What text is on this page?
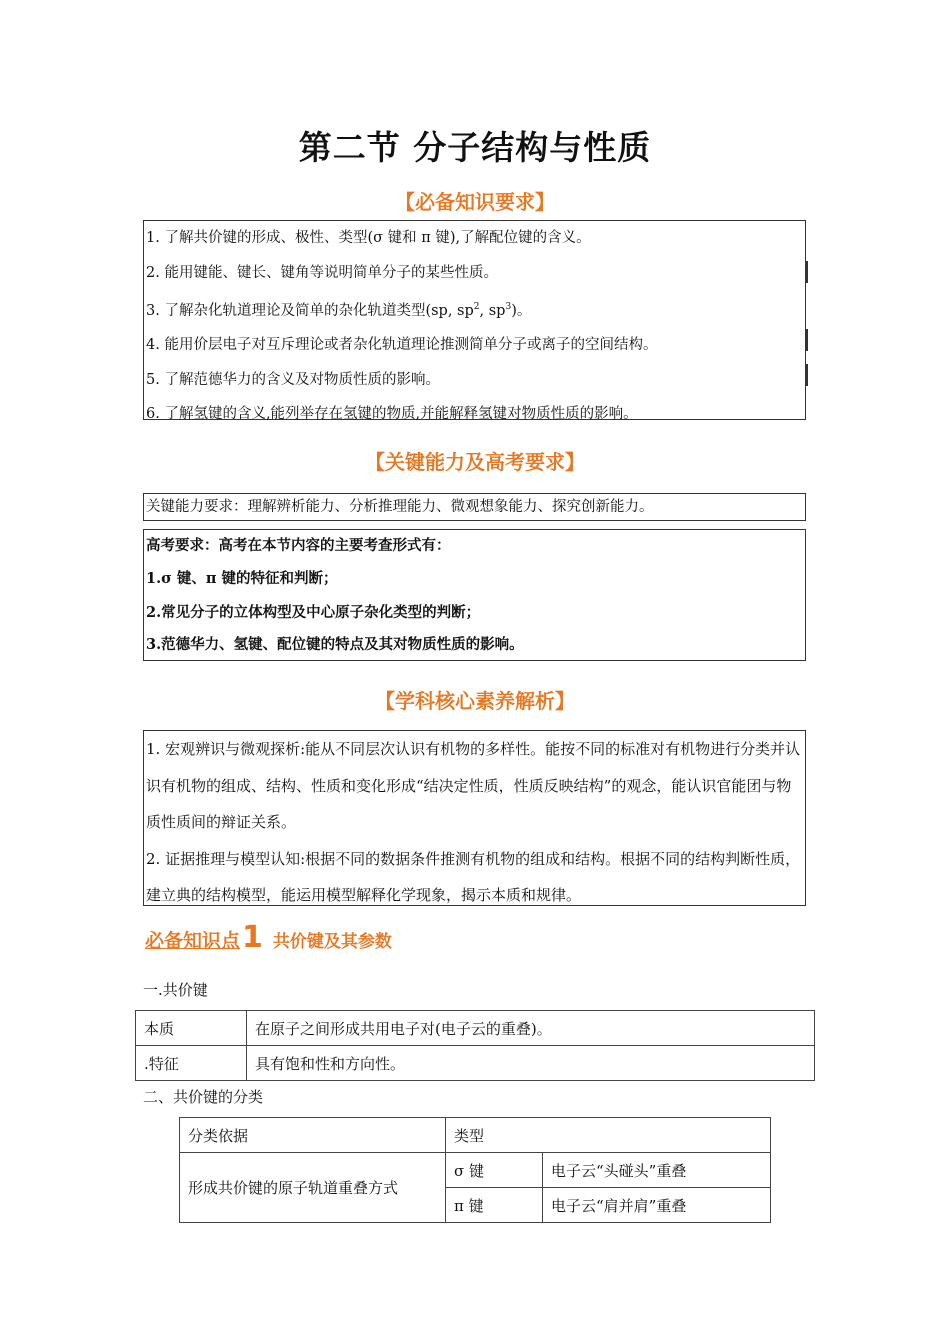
第二节 分子结构与性质
【必备知识要求】
1. 了解共价键的形成、极性、类型(σ 键和 π 键),了解配位键的含义。
2. 能用键能、键长、键角等说明简单分子的某些性质。
3. 了解杂化轨道理论及简单的杂化轨道类型(sp, $sp^2$, $sp^3$)。
4. 能用价层电子对互斥理论或者杂化轨道理论推测简单分子或离子的空间结构。
5. 了解范德华力的含义及对物质性质的影响。
6. 了解氢键的含义,能列举存在氢键的物质,并能解释氢键对物质性质的影响。
【关键能力及高考要求】
关键能力要求：理解辨析能力、分析推理能力、微观想象能力、探究创新能力。
高考要求：高考在本节内容的主要考查形式有：
1.σ 键、π 键的特征和判断；
2.常见分子的立体构型及中心原子杂化类型的判断；
3.范德华力、氢键、配位键的特点及其对物质性质的影响。
【学科核心素养解析】
1. 宏观辨识与微观探析:能从不同层次认识有机物的多样性。能按不同的标准对有机物进行分类并认识有机物的组成、结构、性质和变化形成“结决定性质，性质反映结构”的观念，能认识官能团与物质性质间的辩证关系。
2. 证据推理与模型认知:根据不同的数据条件推测有机物的组成和结构。根据不同的结构判断性质，建立典的结构模型，能运用模型解释化学现象，揭示本质和规律。
必备知识点1 共价键及其参数
一.共价键
本质	在原子之间形成共用电子对(电子云的重叠)。
.特征	具有饱和性和方向性。
二、共价键的分类
分类依据	类型	
形成共价键的原子轨道重叠方式	σ 键	电子云“头碰头”重叠
	π 键	电子云“肩并肩”重叠
